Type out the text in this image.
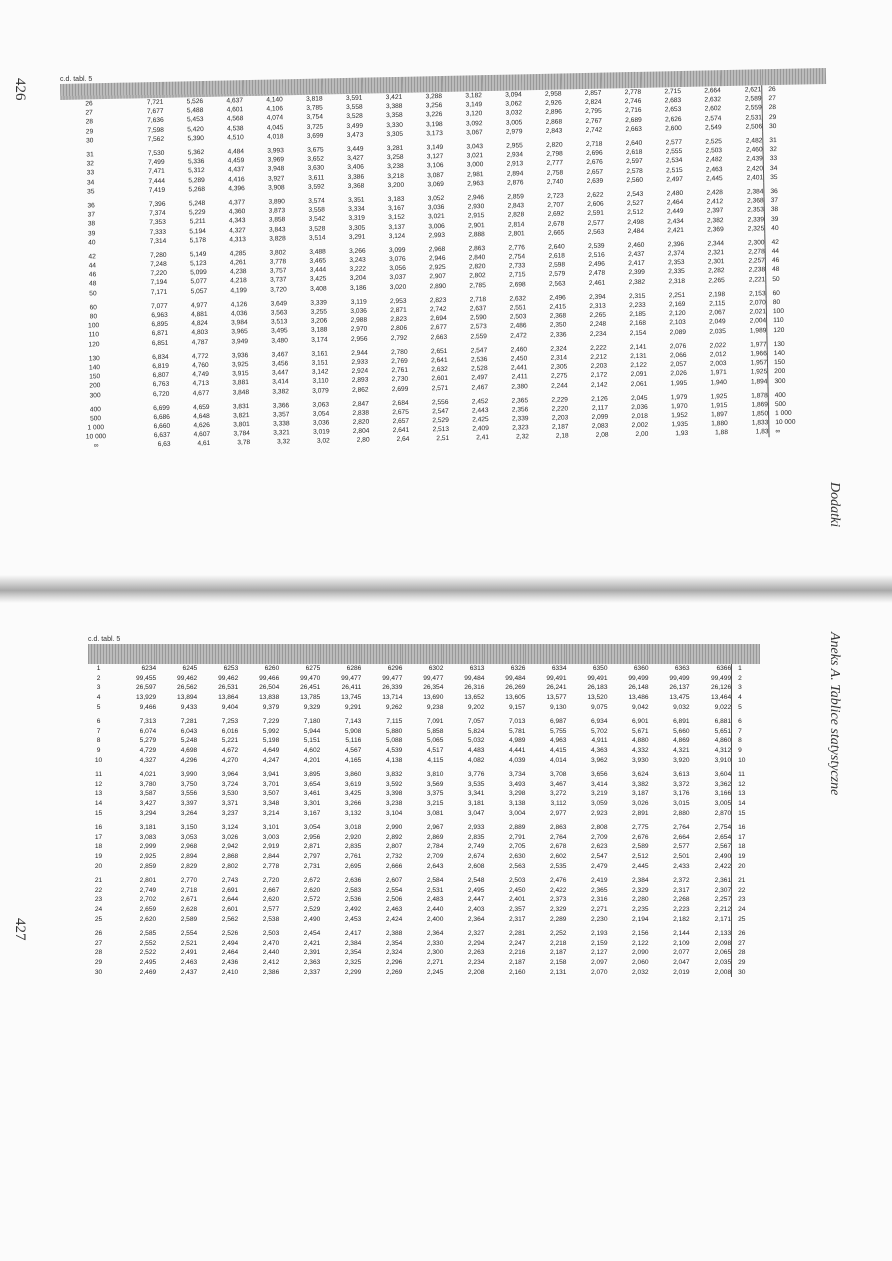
426
427
Dodatki
Aneks A. Tablice statystyczne
c.d. tabl. 5

26	7,721	5,526	4,637	4,140	3,818	3,591	3,421	3,288	3,182	3,094	2,958	2,857	2,778	2,715	2,664	2,621	26
27	7,677	5,488	4,601	4,106	3,785	3,558	3,388	3,256	3,149	3,062	2,926	2,824	2,746	2,683	2,632	2,589	27
28	7,636	5,453	4,568	4,074	3,754	3,528	3,358	3,226	3,120	3,032	2,896	2,795	2,716	2,653	2,602	2,559	28
29	7,598	5,420	4,538	4,045	3,725	3,499	3,330	3,198	3,092	3,005	2,868	2,767	2,689	2,626	2,574	2,531	29
30	7,562	5,390	4,510	4,018	3,699	3,473	3,305	3,173	3,067	2,979	2,843	2,742	2,663	2,600	2,549	2,506	30
31	7,530	5,362	4,484	3,993	3,675	3,449	3,281	3,149	3,043	2,955	2,820	2,718	2,640	2,577	2,525	2,482	31
32	7,499	5,336	4,459	3,969	3,652	3,427	3,258	3,127	3,021	2,934	2,798	2,696	2,618	2,555	2,503	2,460	32
33	7,471	5,312	4,437	3,948	3,630	3,406	3,238	3,106	3,000	2,913	2,777	2,676	2,597	2,534	2,482	2,439	33
34	7,444	5,289	4,416	3,927	3,611	3,386	3,218	3,087	2,981	2,894	2,758	2,657	2,578	2,515	2,463	2,420	34
35	7,419	5,268	4,396	3,908	3,592	3,368	3,200	3,069	2,963	2,876	2,740	2,639	2,560	2,497	2,445	2,401	35
36	7,396	5,248	4,377	3,890	3,574	3,351	3,183	3,052	2,946	2,859	2,723	2,622	2,543	2,480	2,428	2,384	36
37	7,374	5,229	4,360	3,873	3,558	3,334	3,167	3,036	2,930	2,843	2,707	2,606	2,527	2,464	2,412	2,368	37
38	7,353	5,211	4,343	3,858	3,542	3,319	3,152	3,021	2,915	2,828	2,692	2,591	2,512	2,449	2,397	2,353	38
39	7,333	5,194	4,327	3,843	3,528	3,305	3,137	3,006	2,901	2,814	2,678	2,577	2,498	2,434	2,382	2,339	39
40	7,314	5,178	4,313	3,828	3,514	3,291	3,124	2,993	2,888	2,801	2,665	2,563	2,484	2,421	2,369	2,325	40
42	7,280	5,149	4,285	3,802	3,488	3,266	3,099	2,968	2,863	2,776	2,640	2,539	2,460	2,396	2,344	2,300	42
44	7,248	5,123	4,261	3,778	3,465	3,243	3,076	2,946	2,840	2,754	2,618	2,516	2,437	2,374	2,321	2,278	44
46	7,220	5,099	4,238	3,757	3,444	3,222	3,056	2,925	2,820	2,733	2,598	2,496	2,417	2,353	2,301	2,257	46
48	7,194	5,077	4,218	3,737	3,425	3,204	3,037	2,907	2,802	2,715	2,579	2,478	2,399	2,335	2,282	2,238	48
50	7,171	5,057	4,199	3,720	3,408	3,186	3,020	2,890	2,785	2,698	2,563	2,461	2,382	2,318	2,265	2,221	50
60	7,077	4,977	4,126	3,649	3,339	3,119	2,953	2,823	2,718	2,632	2,496	2,394	2,315	2,251	2,198	2,153	60
80	6,963	4,881	4,036	3,563	3,255	3,036	2,871	2,742	2,637	2,551	2,415	2,313	2,233	2,169	2,115	2,070	80
100	6,895	4,824	3,984	3,513	3,206	2,988	2,823	2,694	2,590	2,503	2,368	2,265	2,185	2,120	2,067	2,021	100
110	6,871	4,803	3,965	3,495	3,188	2,970	2,806	2,677	2,573	2,486	2,350	2,248	2,168	2,103	2,049	2,004	110
120	6,851	4,787	3,949	3,480	3,174	2,956	2,792	2,663	2,559	2,472	2,336	2,234	2,154	2,089	2,035	1,989	120
130	6,834	4,772	3,936	3,467	3,161	2,944	2,780	2,651	2,547	2,460	2,324	2,222	2,141	2,076	2,022	1,977	130
140	6,819	4,760	3,925	3,456	3,151	2,933	2,769	2,641	2,536	2,450	2,314	2,212	2,131	2,066	2,012	1,966	140
150	6,807	4,749	3,915	3,447	3,142	2,924	2,761	2,632	2,528	2,441	2,305	2,203	2,122	2,057	2,003	1,957	150
200	6,763	4,713	3,881	3,414	3,110	2,893	2,730	2,601	2,497	2,411	2,275	2,172	2,091	2,026	1,971	1,925	200
300	6,720	4,677	3,848	3,382	3,079	2,862	2,699	2,571	2,467	2,380	2,244	2,142	2,061	1,995	1,940	1,894	300
400	6,699	4,659	3,831	3,366	3,063	2,847	2,684	2,556	2,452	2,365	2,229	2,126	2,045	1,979	1,925	1,878	400
500	6,686	4,648	3,821	3,357	3,054	2,838	2,675	2,547	2,443	2,356	2,220	2,117	2,036	1,970	1,915	1,869	500
1 000	6,660	4,626	3,801	3,338	3,036	2,820	2,657	2,529	2,425	2,339	2,203	2,099	2,018	1,952	1,897	1,850	1 000
10 000	6,637	4,607	3,784	3,321	3,019	2,804	2,641	2,513	2,409	2,323	2,187	2,083	2,002	1,935	1,880	1,833	10 000
∞	6,63	4,61	3,78	3,32	3,02	2,80	2,64	2,51	2,41	2,32	2,18	2,08	2,00	1,93	1,88	1,83	∞
c.d. tabl. 5

1	6234	6245	6253	6260	6275	6286	6296	6302	6313	6326	6334	6350	6360	6363	6366	1
2	99,455	99,462	99,462	99,466	99,470	99,477	99,477	99,477	99,484	99,484	99,491	99,491	99,499	99,499	99,499	2
3	26,597	26,562	26,531	26,504	26,451	26,411	26,339	26,354	26,316	26,269	26,241	26,183	26,148	26,137	26,126	3
4	13,929	13,894	13,864	13,838	13,785	13,745	13,714	13,690	13,652	13,605	13,577	13,520	13,486	13,475	13,464	4
5	9,466	9,433	9,404	9,379	9,329	9,291	9,262	9,238	9,202	9,157	9,130	9,075	9,042	9,032	9,022	5
6	7,313	7,281	7,253	7,229	7,180	7,143	7,115	7,091	7,057	7,013	6,987	6,934	6,901	6,891	6,881	6
7	6,074	6,043	6,016	5,992	5,944	5,908	5,880	5,858	5,824	5,781	5,755	5,702	5,671	5,660	5,651	7
8	5,279	5,248	5,221	5,198	5,151	5,116	5,088	5,065	5,032	4,989	4,963	4,911	4,880	4,869	4,860	8
9	4,729	4,698	4,672	4,649	4,602	4,567	4,539	4,517	4,483	4,441	4,415	4,363	4,332	4,321	4,312	9
10	4,327	4,296	4,270	4,247	4,201	4,165	4,138	4,115	4,082	4,039	4,014	3,962	3,930	3,920	3,910	10
11	4,021	3,990	3,964	3,941	3,895	3,860	3,832	3,810	3,776	3,734	3,708	3,656	3,624	3,613	3,604	11
12	3,780	3,750	3,724	3,701	3,654	3,619	3,592	3,569	3,535	3,493	3,467	3,414	3,382	3,372	3,362	12
13	3,587	3,556	3,530	3,507	3,461	3,425	3,398	3,375	3,341	3,298	3,272	3,219	3,187	3,176	3,166	13
14	3,427	3,397	3,371	3,348	3,301	3,266	3,238	3,215	3,181	3,138	3,112	3,059	3,026	3,015	3,005	14
15	3,294	3,264	3,237	3,214	3,167	3,132	3,104	3,081	3,047	3,004	2,977	2,923	2,891	2,880	2,870	15
16	3,181	3,150	3,124	3,101	3,054	3,018	2,990	2,967	2,933	2,889	2,863	2,808	2,775	2,764	2,754	16
17	3,083	3,053	3,026	3,003	2,956	2,920	2,892	2,869	2,835	2,791	2,764	2,709	2,676	2,664	2,654	17
18	2,999	2,968	2,942	2,919	2,871	2,835	2,807	2,784	2,749	2,705	2,678	2,623	2,589	2,577	2,567	18
19	2,925	2,894	2,868	2,844	2,797	2,761	2,732	2,709	2,674	2,630	2,602	2,547	2,512	2,501	2,490	19
20	2,859	2,829	2,802	2,778	2,731	2,695	2,666	2,643	2,608	2,563	2,535	2,479	2,445	2,433	2,422	20
21	2,801	2,770	2,743	2,720	2,672	2,636	2,607	2,584	2,548	2,503	2,476	2,419	2,384	2,372	2,361	21
22	2,749	2,718	2,691	2,667	2,620	2,583	2,554	2,531	2,495	2,450	2,422	2,365	2,329	2,317	2,307	22
23	2,702	2,671	2,644	2,620	2,572	2,536	2,506	2,483	2,447	2,401	2,373	2,316	2,280	2,268	2,257	23
24	2,659	2,628	2,601	2,577	2,529	2,492	2,463	2,440	2,403	2,357	2,329	2,271	2,235	2,223	2,212	24
25	2,620	2,589	2,562	2,538	2,490	2,453	2,424	2,400	2,364	2,317	2,289	2,230	2,194	2,182	2,171	25
26	2,585	2,554	2,526	2,503	2,454	2,417	2,388	2,364	2,327	2,281	2,252	2,193	2,156	2,144	2,133	26
27	2,552	2,521	2,494	2,470	2,421	2,384	2,354	2,330	2,294	2,247	2,218	2,159	2,122	2,109	2,098	27
28	2,522	2,491	2,464	2,440	2,391	2,354	2,324	2,300	2,263	2,216	2,187	2,127	2,090	2,077	2,065	28
29	2,495	2,463	2,436	2,412	2,363	2,325	2,296	2,271	2,234	2,187	2,158	2,097	2,060	2,047	2,035	29
30	2,469	2,437	2,410	2,386	2,337	2,299	2,269	2,245	2,208	2,160	2,131	2,070	2,032	2,019	2,008	30
